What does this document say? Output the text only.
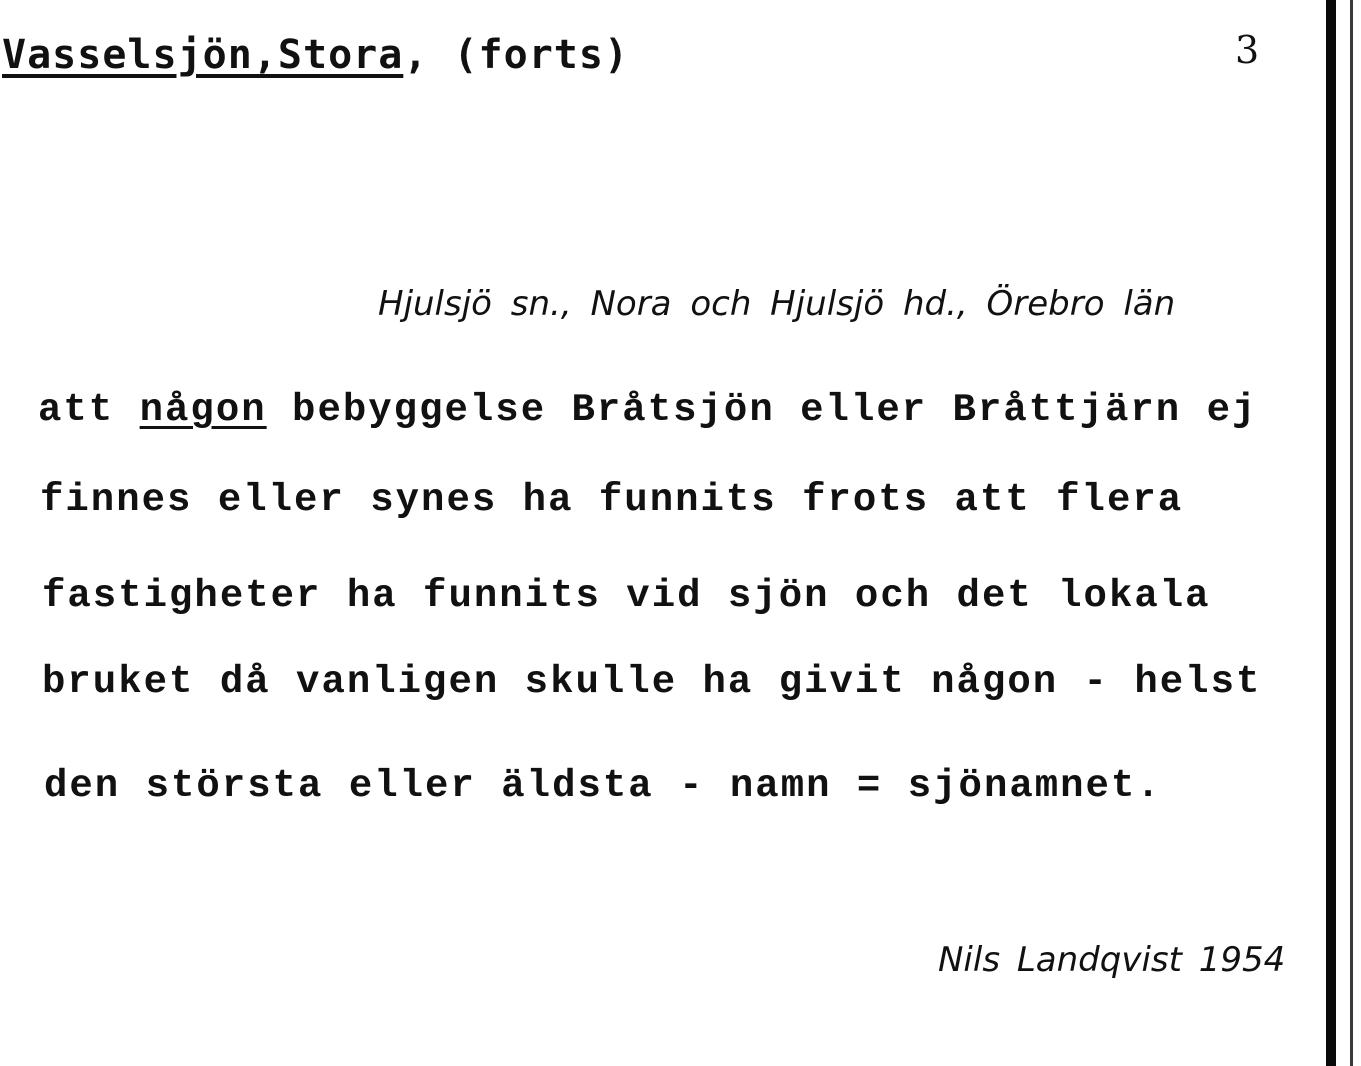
Vasselsjön,Stora, (forts)	3
Hjulsjö sn., Nora och Hjulsjö hd., Örebro län
att någon bebyggelse Bråtsjön eller Bråttjärn ej
finnes eller synes ha funnits frots att flera
fastigheter ha funnits vid sjön och det lokala
bruket då vanligen skulle ha givit någon - helst
den största eller äldsta - namn = sjönamnet.
Nils Landqvist 1954
